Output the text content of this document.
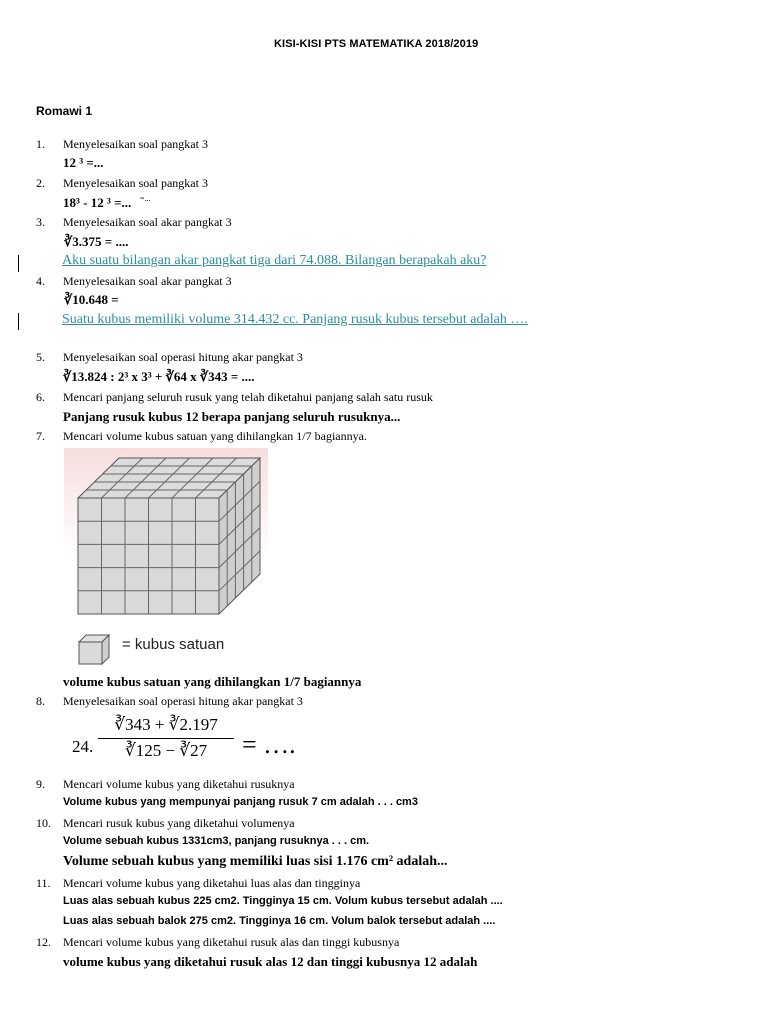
KISI-KISI PTS MATEMATIKA 2018/2019
Romawi 1
1. Menyelesaikan soal pangkat 3
12 ³ =...
2. Menyelesaikan soal pangkat 3
18³ - 12 ³ =... =...
3. Menyelesaikan soal akar pangkat 3
∛3.375 = ....
Aku suatu bilangan akar pangkat tiga dari 74.088. Bilangan berapakah aku?
4. Menyelesaikan soal akar pangkat 3
∛10.648 =
Suatu kubus memiliki volume 314.432 cc. Panjang rusuk kubus tersebut adalah ….
5. Menyelesaikan soal operasi hitung akar pangkat 3
∛13.824 : 2³ x 3³ + ∛64 x ∛343 = ....
6. Mencari panjang seluruh rusuk yang telah diketahui panjang salah satu rusuk
Panjang rusuk kubus 12 berapa panjang seluruh rusuknya...
7. Mencari volume kubus satuan yang dihilangkan 1/7 bagiannya.
= kubus satuan
volume kubus satuan yang dihilangkan 1/7 bagiannya
8. Menyelesaikan soal operasi hitung akar pangkat 3
24.
∛343 + ∛2.197
∛125 − ∛27	= ….
9. Mencari volume kubus yang diketahui rusuknya
Volume kubus yang mempunyai panjang rusuk 7 cm adalah . . . cm3
10. Mencari rusuk kubus yang diketahui volumenya
Volume sebuah kubus 1331cm3, panjang rusuknya . . . cm.
Volume sebuah kubus yang memiliki luas sisi 1.176 cm² adalah...
11. Mencari volume kubus yang diketahui luas alas dan tingginya
Luas alas sebuah kubus 225 cm2. Tingginya 15 cm. Volum kubus tersebut adalah ....
Luas alas sebuah balok 275 cm2. Tingginya 16 cm. Volum balok tersebut adalah ....
12. Mencari volume kubus yang diketahui rusuk alas dan tinggi kubusnya
volume kubus yang diketahui rusuk alas 12 dan tinggi kubusnya 12 adalah
